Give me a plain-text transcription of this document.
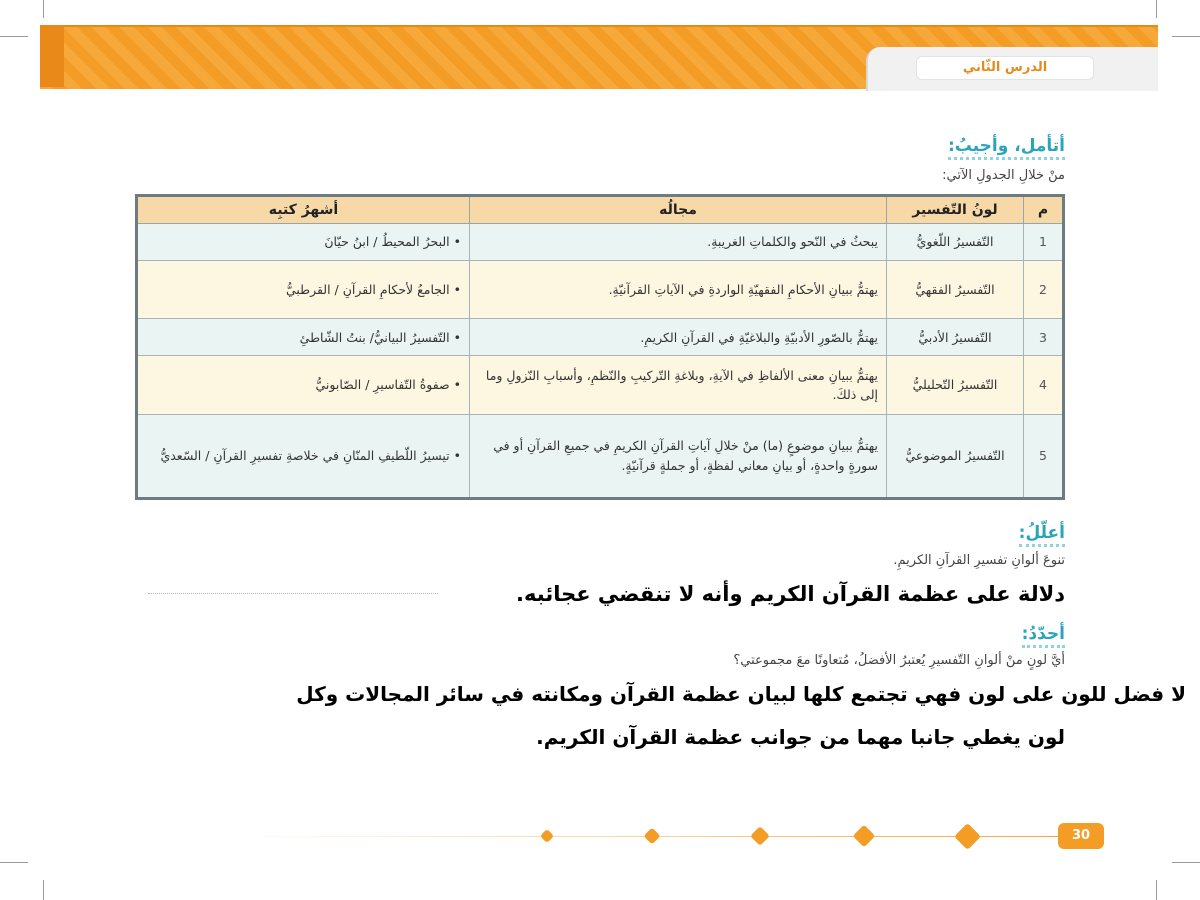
الدرس الثّاني
أتأمل، وأجيبُ:
منْ خلالِ الجدولِ الآتي:
م	لونُ التّفسير	مجالُه	أشهرُ كتبِه
1	التّفسيرُ اللّغويُّ	يبحثُ في النّحو والكلماتِ الغريبةِ.	• البحرُ المحيطُ / ابنُ حيّانَ
2	التّفسيرُ الفقهيُّ	يهتمُّ ببيانِ الأحكامِ الفقهيّةِ الواردةِ في الآياتِ القرآنيّةِ.	• الجامعُ لأحكامِ القرآنِ / القرطبيُّ
3	التّفسيرُ الأدبيُّ	يهتمُّ بالصّورِ الأدبيّةِ والبلاغيّةِ في القرآنِ الكريمِ.	• التّفسيرُ البيانيُّ/ بنتُ الشّاطئِ
4	التّفسيرُ التّحليليُّ	يهتمُّ ببيانِ معنى الألفاظِ في الآيةِ، وبلاغةِ التّركيبِ والنّظمِ، وأسبابِ النّزولِ وما إلى ذلكَ.	• صفوةُ التّفاسيرِ / الصّابونيُّ
5	التّفسيرُ الموضوعيُّ	يهتمُّ ببيانِ موضوعٍ (ما) منْ خلالِ آياتِ القرآنِ الكريمِ في جميعِ القرآنِ أو في سورةٍ واحدةٍ، أو بيانِ معاني لفظةٍ، أو جملةٍ قرآنيّةٍ.	• تيسيرُ اللّطيفِ المنّانِ في خلاصةِ تفسيرِ القرآنِ / السّعديُّ
أعلّلُ:
تنوعَ ألوانِ تفسيرِ القرآنِ الكريمِ.
دلالة على عظمة القرآن الكريم وأنه لا تنقضي عجائبه.
أحدّدُ:
أيَّ لونٍ منْ ألوانِ التّفسيرِ يُعتبرُ الأفضلُ، مُتعاونًا معَ مجموعتي؟
لا فضل للون على لون فهي تجتمع كلها لبيان عظمة القرآن ومكانته في سائر المجالات وكل
لون يغطي جانبا مهما من جوانب عظمة القرآن الكريم.
30
